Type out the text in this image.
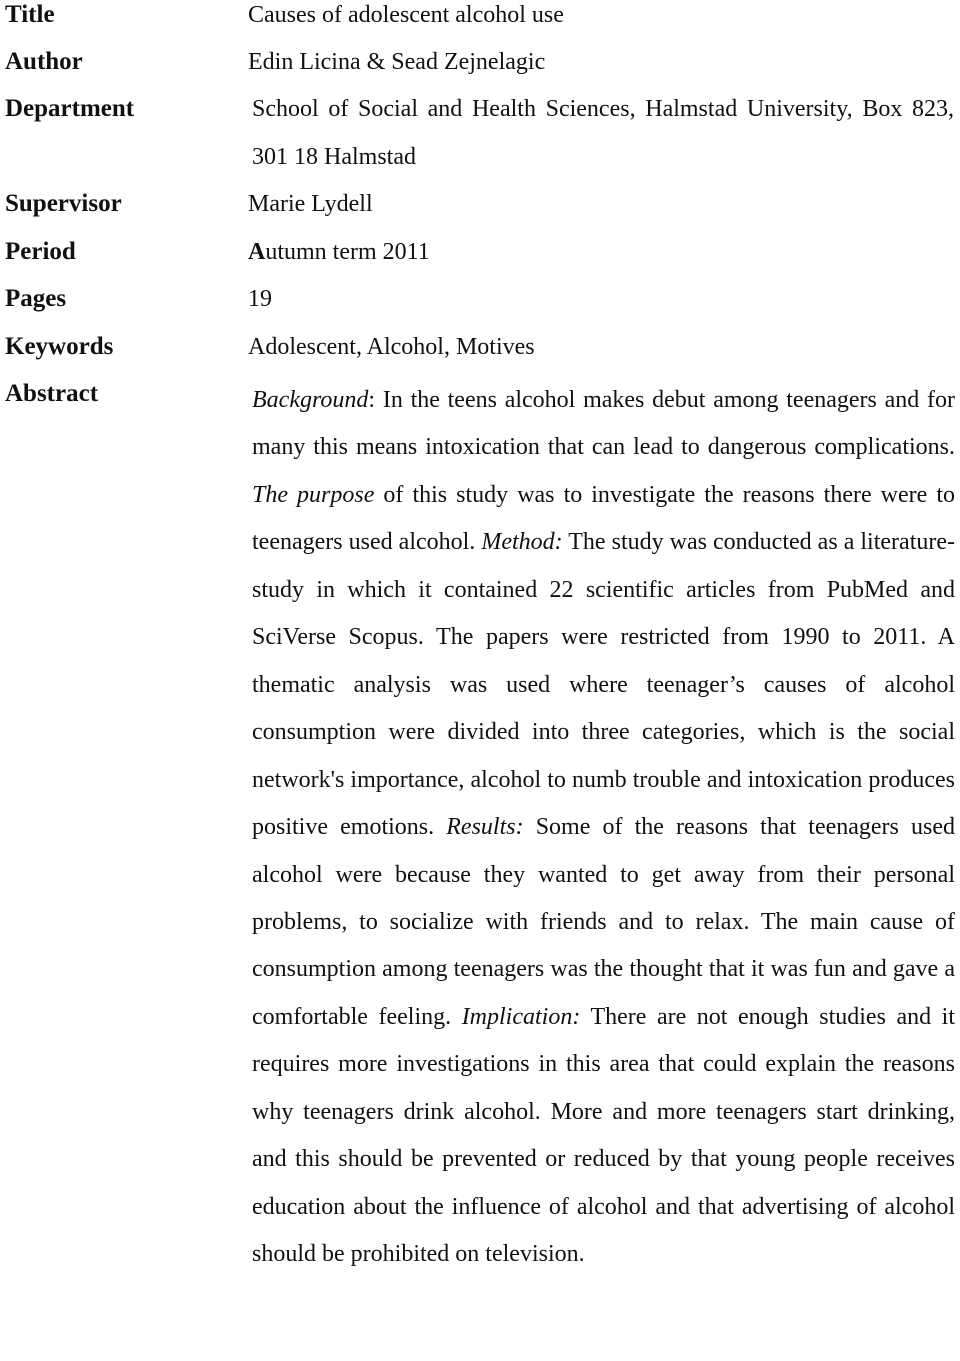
Title	Causes of adolescent alcohol use
Author	Edin Licina & Sead Zejnelagic
Department	School of Social and Health Sciences, Halmstad University, Box 823, 301 18 Halmstad
Supervisor	Marie Lydell
Period	Autumn term 2011
Pages	19
Keywords	Adolescent, Alcohol, Motives
Abstract	Background: In the teens alcohol makes debut among teenagers and for many this means intoxication that can lead to dangerous complications. The purpose of this study was to investigate the reasons there were to teenagers used alcohol. Method: The study was conducted as a literature-study in which it contained 22 scientific articles from PubMed and SciVerse Scopus. The papers were restricted from 1990 to 2011. A thematic analysis was used where teenager’s causes of alcohol consumption were divided into three categories, which is the social network's importance, alcohol to numb trouble and intoxication produces positive emotions. Results: Some of the reasons that teenagers used alcohol were because they wanted to get away from their personal problems, to socialize with friends and to relax. The main cause of consumption among teenagers was the thought that it was fun and gave a comfortable feeling. Implication: There are not enough studies and it requires more investigations in this area that could explain the reasons why teenagers drink alcohol. More and more teenagers start drinking, and this should be prevented or reduced by that young people receives education about the influence of alcohol and that advertising of alcohol should be prohibited on television.
